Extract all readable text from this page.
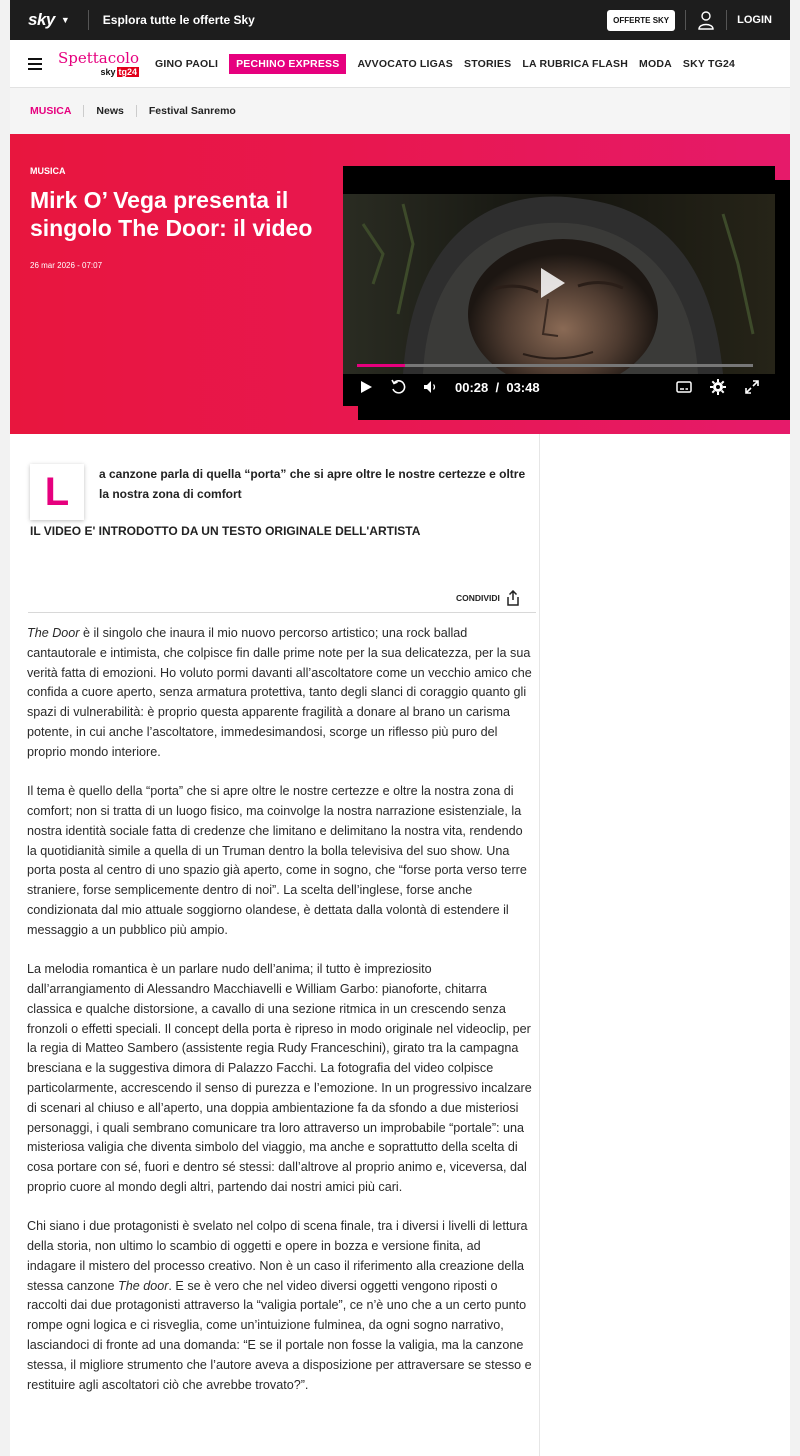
sky ▼	Esplora tutte le offerte Sky	OFFERTE SKY	LOGIN
Spettacolo
sky tg24
GINO PAOLI	PECHINO EXPRESS	AVVOCATO LIGAS STORIES LA RUBRICA FLASH MODA SKY TG24
MUSICA	News	Festival Sanremo
MUSICA
Mirk O’ Vega presenta il singolo The Door: il video
26 mar 2026 - 07:07
00:28 / 03:48
L	a canzone parla di quella “porta” che si apre oltre le nostre certezze e oltre la nostra zona di comfort

IL VIDEO E' INTRODOTTO DA UN TESTO ORIGINALE DELL'ARTISTA

CONDIVIDI

The Door è il singolo che inaura il mio nuovo percorso artistico; una rock ballad cantautorale e intimista, che colpisce fin dalle prime note per la sua delicatezza, per la sua verità fatta di emozioni. Ho voluto pormi davanti all’ascoltatore come un vecchio amico che confida a cuore aperto, senza armatura protettiva, tanto degli slanci di coraggio quanto gli spazi di vulnerabilità: è proprio questa apparente fragilità a donare al brano un carisma potente, in cui anche l’ascoltatore, immedesimandosi, scorge un riflesso più puro del proprio mondo interiore.

Il tema è quello della “porta” che si apre oltre le nostre certezze e oltre la nostra zona di comfort; non si tratta di un luogo fisico, ma coinvolge la nostra narrazione esistenziale, la nostra identità sociale fatta di credenze che limitano e delimitano la nostra vita, rendendo la quotidianità simile a quella di un Truman dentro la bolla televisiva del suo show. Una porta posta al centro di uno spazio già aperto, come in sogno, che “forse porta verso terre straniere, forse semplicemente dentro di noi”. La scelta dell’inglese, forse anche condizionata dal mio attuale soggiorno olandese, è dettata dalla volontà di estendere il messaggio a un pubblico più ampio.

La melodia romantica è un parlare nudo dell’anima; il tutto è impreziosito dall’arrangiamento di Alessandro Macchiavelli e William Garbo: pianoforte, chitarra classica e qualche distorsione, a cavallo di una sezione ritmica in un crescendo senza fronzoli o effetti speciali. Il concept della porta è ripreso in modo originale nel videoclip, per la regia di Matteo Sambero (assistente regia Rudy Franceschini), girato tra la campagna bresciana e la suggestiva dimora di Palazzo Facchi. La fotografia del video colpisce particolarmente, accrescendo il senso di purezza e l’emozione. In un progressivo incalzare di scenari al chiuso e all’aperto, una doppia ambientazione fa da sfondo a due misteriosi personaggi, i quali sembrano comunicare tra loro attraverso un improbabile “portale”: una misteriosa valigia che diventa simbolo del viaggio, ma anche e soprattutto della scelta di cosa portare con sé, fuori e dentro sé stessi: dall’altrove al proprio animo e, viceversa, dal proprio cuore al mondo degli altri, partendo dai nostri amici più cari.

Chi siano i due protagonisti è svelato nel colpo di scena finale, tra i diversi i livelli di lettura della storia, non ultimo lo scambio di oggetti e opere in bozza e versione finita, ad indagare il mistero del processo creativo. Non è un caso il riferimento alla creazione della stessa canzone The door. E se è vero che nel video diversi oggetti vengono riposti o raccolti dai due protagonisti attraverso la “valigia portale”, ce n’è uno che a un certo punto rompe ogni logica e ci risveglia, come un’intuizione fulminea, da ogni sogno narrativo, lasciandoci di fronte ad una domanda: “E se il portale non fosse la valigia, ma la canzone stessa, il migliore strumento che l’autore aveva a disposizione per attraversare se stesso e restituire agli ascoltatori ciò che avrebbe trovato?”.
